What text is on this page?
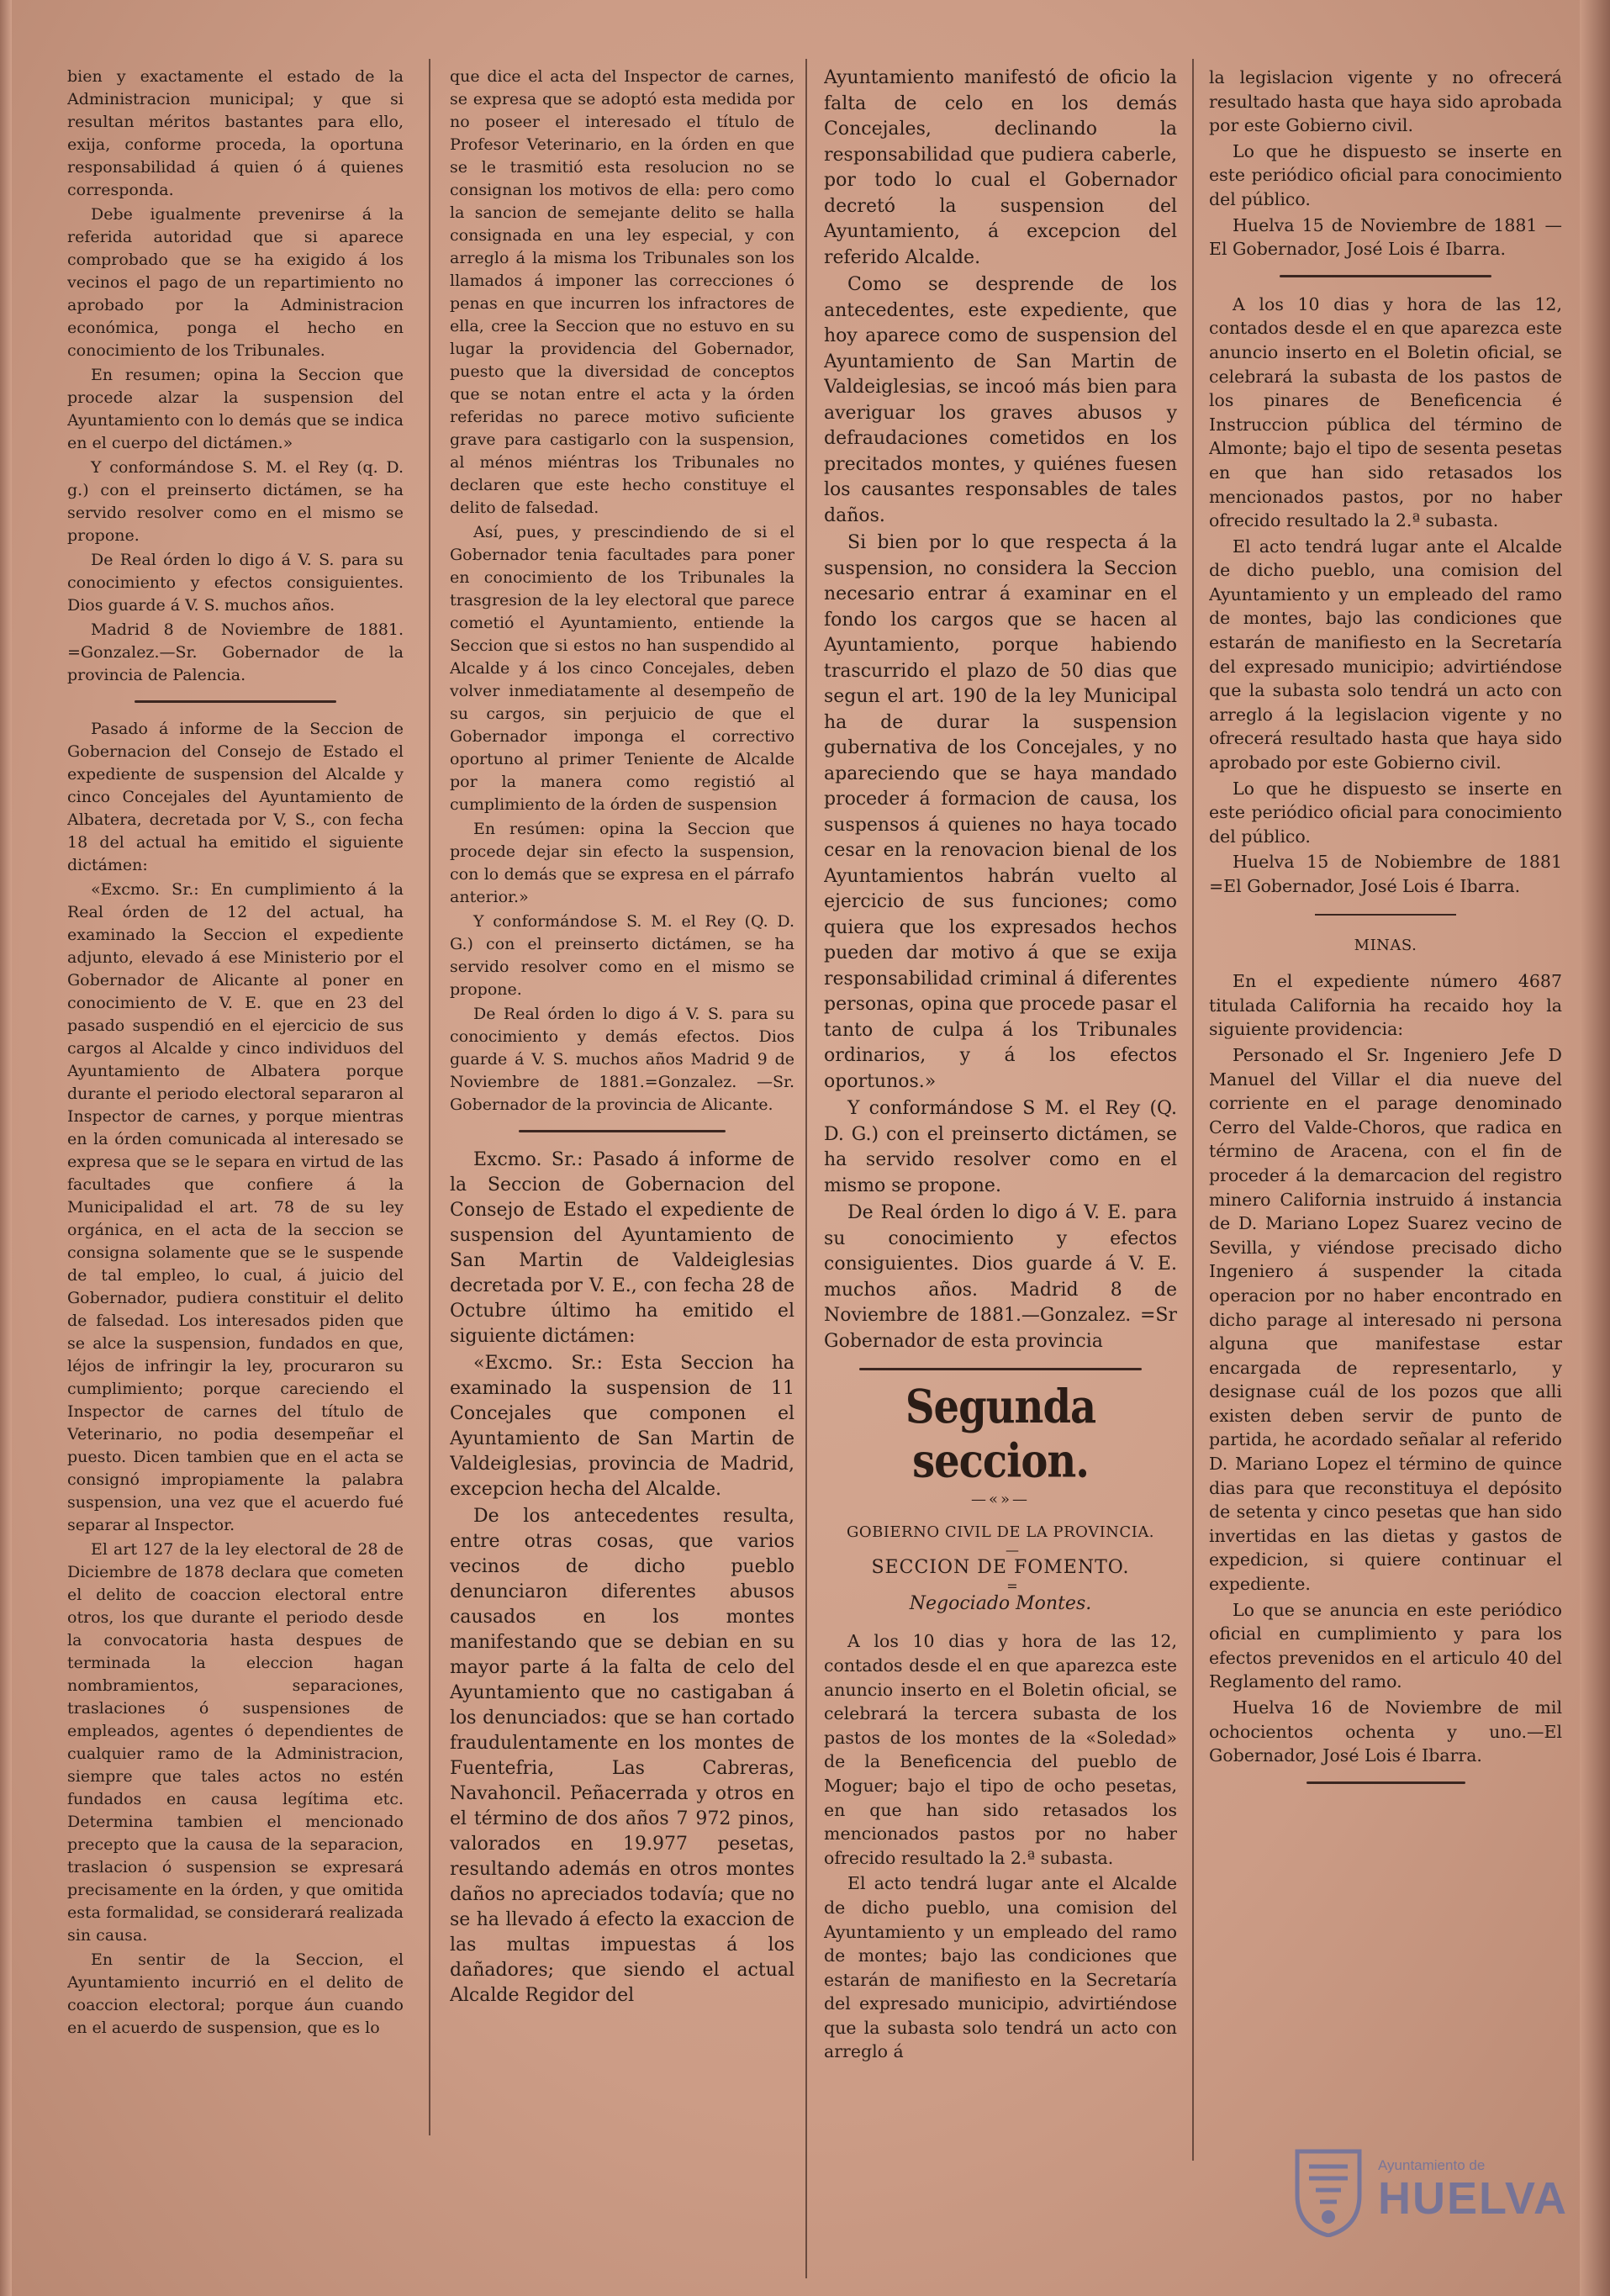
bien y exactamente el estado de la Administracion municipal; y que si resultan méritos bastantes para ello, exija, conforme proceda, la oportuna responsabilidad á quien ó á quienes corresponda.

Debe igualmente prevenirse á la referida autoridad que si aparece comprobado que se ha exigido á los vecinos el pago de un repartimiento no aprobado por la Administracion económica, ponga el hecho en conocimiento de los Tribunales.

En resumen; opina la Seccion que procede alzar la suspension del Ayuntamiento con lo demás que se indica en el cuerpo del dictámen.»

Y conformándose S. M. el Rey (q. D. g.) con el preinserto dictámen, se ha servido resolver como en el mismo se propone.

De Real órden lo digo á V. S. para su conocimiento y efectos consiguientes. Dios guarde á V. S. muchos años.

Madrid 8 de Noviembre de 1881. =Gonzalez.—Sr. Gobernador de la provincia de Palencia.

Pasado á informe de la Seccion de Gobernacion del Consejo de Estado el expediente de suspension del Alcalde y cinco Concejales del Ayuntamiento de Albatera, decretada por V, S., con fecha 18 del actual ha emitido el siguiente dictámen:

«Excmo. Sr.: En cumplimiento á la Real órden de 12 del actual, ha examinado la Seccion el expediente adjunto, elevado á ese Ministerio por el Gobernador de Alicante al poner en conocimiento de V. E. que en 23 del pasado suspendió en el ejercicio de sus cargos al Alcalde y cinco individuos del Ayuntamiento de Albatera porque durante el periodo electoral separaron al Inspector de carnes, y porque mientras en la órden comunicada al interesado se expresa que se le separa en virtud de las facultades que confiere á la Municipalidad el art. 78 de su ley orgánica, en el acta de la seccion se consigna solamente que se le suspende de tal empleo, lo cual, á juicio del Gobernador, pudiera constituir el delito de falsedad. Los interesados piden que se alce la suspension, fundados en que, léjos de infringir la ley, procuraron su cumplimiento; porque careciendo el Inspector de carnes del título de Veterinario, no podia desempeñar el puesto. Dicen tambien que en el acta se consignó impropiamente la palabra suspension, una vez que el acuerdo fué separar al Inspector.

El art 127 de la ley electoral de 28 de Diciembre de 1878 declara que cometen el delito de coaccion electoral entre otros, los que durante el periodo desde la convocatoria hasta despues de terminada la eleccion hagan nombramientos, separaciones, traslaciones ó suspensiones de empleados, agentes ó dependientes de cualquier ramo de la Administracion, siempre que tales actos no estén fundados en causa legítima etc. Determina tambien el mencionado precepto que la causa de la separacion, traslacion ó suspension se expresará precisamente en la órden, y que omitida esta formalidad, se considerará realizada sin causa.

En sentir de la Seccion, el Ayuntamiento incurrió en el delito de coaccion electoral; porque áun cuando en el acuerdo de suspension, que es lo

que dice el acta del Inspector de carnes, se expresa que se adoptó esta medida por no poseer el interesado el título de Profesor Veterinario, en la órden en que se le trasmitió esta resolucion no se consignan los motivos de ella: pero como la sancion de semejante delito se halla consignada en una ley especial, y con arreglo á la misma los Tribunales son los llamados á imponer las correcciones ó penas en que incurren los infractores de ella, cree la Seccion que no estuvo en su lugar la providencia del Gobernador, puesto que la diversidad de conceptos que se notan entre el acta y la órden referidas no parece motivo suficiente grave para castigarlo con la suspension, al ménos miéntras los Tribunales no declaren que este hecho constituye el delito de falsedad.

Así, pues, y prescindiendo de si el Gobernador tenia facultades para poner en conocimiento de los Tribunales la trasgresion de la ley electoral que parece cometió el Ayuntamiento, entiende la Seccion que si estos no han suspendido al Alcalde y á los cinco Concejales, deben volver inmediatamente al desempeño de su cargos, sin perjuicio de que el Gobernador imponga el correctivo oportuno al primer Teniente de Alcalde por la manera como registió al cumplimiento de la órden de suspension

En resúmen: opina la Seccion que procede dejar sin efecto la suspension, con lo demás que se expresa en el párrafo anterior.»

Y conformándose S. M. el Rey (Q. D. G.) con el preinserto dictámen, se ha servido resolver como en el mismo se propone.

De Real órden lo digo á V. S. para su conocimiento y demás efectos. Dios guarde á V. S. muchos años Madrid 9 de Noviembre de 1881.=Gonzalez. —Sr. Gobernador de la provincia de Alicante.

Excmo. Sr.: Pasado á informe de la Seccion de Gobernacion del Consejo de Estado el expediente de suspension del Ayuntamiento de San Martin de Valdeiglesias decretada por V. E., con fecha 28 de Octubre último ha emitido el siguiente dictámen:

«Excmo. Sr.: Esta Seccion ha examinado la suspension de 11 Concejales que componen el Ayuntamiento de San Martin de Valdeiglesias, provincia de Madrid, excepcion hecha del Alcalde.

De los antecedentes resulta, entre otras cosas, que varios vecinos de dicho pueblo denunciaron diferentes abusos causados en los montes manifestando que se debian en su mayor parte á la falta de celo del Ayuntamiento que no castigaban á los denunciados: que se han cortado fraudulentamente en los montes de Fuentefria, Las Cabreras, Navahoncil. Peñacerrada y otros en el término de dos años 7 972 pinos, valorados en 19.977 pesetas, resultando además en otros montes daños no apreciados todavía; que no se ha llevado á efecto la exaccion de las multas impuestas á los dañadores; que siendo el actual Alcalde Regidor del

Ayuntamiento manifestó de oficio la falta de celo en los demás Concejales, declinando la responsabilidad que pudiera caberle, por todo lo cual el Gobernador decretó la suspension del Ayuntamiento, á excepcion del referido Alcalde.

Como se desprende de los antecedentes, este expediente, que hoy aparece como de suspension del Ayuntamiento de San Martin de Valdeiglesias, se incoó más bien para averiguar los graves abusos y defraudaciones cometidos en los precitados montes, y quiénes fuesen los causantes responsables de tales daños.

Si bien por lo que respecta á la suspension, no considera la Seccion necesario entrar á examinar en el fondo los cargos que se hacen al Ayuntamiento, porque habiendo trascurrido el plazo de 50 dias que segun el art. 190 de la ley Municipal ha de durar la suspension gubernativa de los Concejales, y no apareciendo que se haya mandado proceder á formacion de causa, los suspensos á quienes no haya tocado cesar en la renovacion bienal de los Ayuntamientos habrán vuelto al ejercicio de sus funciones; como quiera que los expresados hechos pueden dar motivo á que se exija responsabilidad criminal á diferentes personas, opina que procede pasar el tanto de culpa á los Tribunales ordinarios, y á los efectos oportunos.»

Y conformándose S M. el Rey (Q. D. G.) con el preinserto dictámen, se ha servido resolver como en el mismo se propone.

De Real órden lo digo á V. E. para su conocimiento y efectos consiguientes. Dios guarde á V. E. muchos años. Madrid 8 de Noviembre de 1881.—Gonzalez. =Sr Gobernador de esta provincia

Segunda seccion.
—«»—

GOBIERNO CIVIL DE LA PROVINCIA.

—

SECCION DE FOMENTO.

=

Negociado Montes.

A los 10 dias y hora de las 12, contados desde el en que aparezca este anuncio inserto en el Boletin oficial, se celebrará la tercera subasta de los pastos de los montes de la «Soledad» de la Beneficencia del pueblo de Moguer; bajo el tipo de ocho pesetas, en que han sido retasados los mencionados pastos por no haber ofrecido resultado la 2.ª subasta.

El acto tendrá lugar ante el Alcalde de dicho pueblo, una comision del Ayuntamiento y un empleado del ramo de montes; bajo las condiciones que estarán de manifiesto en la Secretaría del expresado municipio, advirtiéndose que la subasta solo tendrá un acto con arreglo á

la legislacion vigente y no ofrecerá resultado hasta que haya sido aprobada por este Gobierno civil.

Lo que he dispuesto se inserte en este periódico oficial para conocimiento del público.

Huelva 15 de Noviembre de 1881 —El Gobernador, José Lois é Ibarra.

A los 10 dias y hora de las 12, contados desde el en que aparezca este anuncio inserto en el Boletin oficial, se celebrará la subasta de los pastos de los pinares de Beneficencia é Instruccion pública del término de Almonte; bajo el tipo de sesenta pesetas en que han sido retasados los mencionados pastos, por no haber ofrecido resultado la 2.ª subasta.

El acto tendrá lugar ante el Alcalde de dicho pueblo, una comision del Ayuntamiento y un empleado del ramo de montes, bajo las condiciones que estarán de manifiesto en la Secretaría del expresado municipio; advirtiéndose que la subasta solo tendrá un acto con arreglo á la legislacion vigente y no ofrecerá resultado hasta que haya sido aprobado por este Gobierno civil.

Lo que he dispuesto se inserte en este periódico oficial para conocimiento del público.

Huelva 15 de Nobiembre de 1881 =El Gobernador, José Lois é Ibarra.

MINAS.

En el expediente número 4687 titulada California ha recaido hoy la siguiente providencia:

Personado el Sr. Ingeniero Jefe D Manuel del Villar el dia nueve del corriente en el parage denominado Cerro del Valde-Choros, que radica en término de Aracena, con el fin de proceder á la demarcacion del registro minero California instruido á instancia de D. Mariano Lopez Suarez vecino de Sevilla, y viéndose precisado dicho Ingeniero á suspender la citada operacion por no haber encontrado en dicho parage al interesado ni persona alguna que manifestase estar encargada de representarlo, y designase cuál de los pozos que alli existen deben servir de punto de partida, he acordado señalar al referido D. Mariano Lopez el término de quince dias para que reconstituya el depósito de setenta y cinco pesetas que han sido invertidas en las dietas y gastos de expedicion, si quiere continuar el expediente.

Lo que se anuncia en este periódico oficial en cumplimiento y para los efectos prevenidos en el articulo 40 del Reglamento del ramo.

Huelva 16 de Noviembre de mil ochocientos ochenta y uno.—El Gobernador, José Lois é Ibarra.

Ayuntamiento de
HUELVA
